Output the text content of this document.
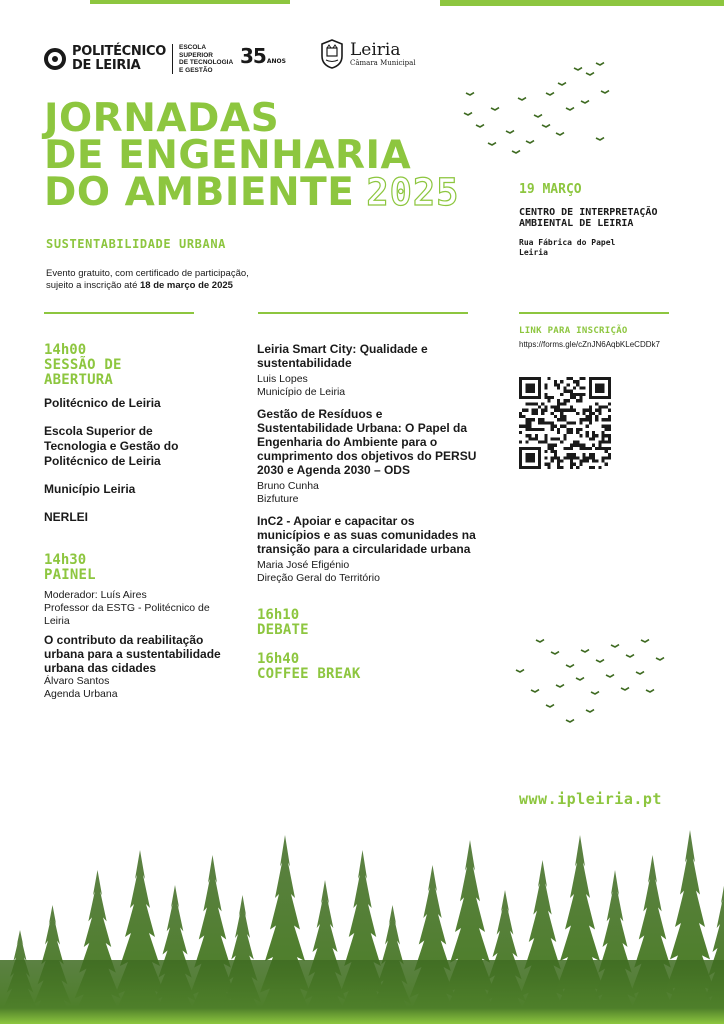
POLITÉCNICO
DE LEIRIA
ESCOLA SUPERIOR
DE TECNOLOGIA
E GESTÃO
35ANOS
Leiria
Câmara Municipal
JORNADAS
DE ENGENHARIA
DO AMBIENTE 2025
SUSTENTABILIDADE URBANA
Evento gratuito, com certificado de participação, sujeito a inscrição até 18 de março de 2025
19 MARÇO
CENTRO DE INTERPRETAÇÃO
AMBIENTAL DE LEIRIA
Rua Fábrica do Papel
Leiria
LINK PARA INSCRIÇÃO
https://forms.gle/cZnJN6AqbKLeCDDk7
14h00
SESSÃO DE
ABERTURA
Politécnico de Leiria
Escola Superior de Tecnologia e Gestão do Politécnico de Leiria
Município Leiria
NERLEI
14h30
PAINEL
Moderador: Luís Aires
Professor da ESTG - Politécnico de Leiria
O contributo da reabilitação urbana para a sustentabilidade urbana das cidades
Álvaro Santos
Agenda Urbana
Leiria Smart City: Qualidade e sustentabilidade
Luis Lopes
Município de Leiria
Gestão de Resíduos e Sustentabilidade Urbana: O Papel da Engenharia do Ambiente para o cumprimento dos objetivos do PERSU 2030 e Agenda 2030 – ODS
Bruno Cunha
Bizfuture
InC2 - Apoiar e capacitar os municípios e as suas comunidades na transição para a circularidade urbana
Maria José Efigénio
Direção Geral do Território
16h10
DEBATE
16h40
COFFEE BREAK
www.ipleiria.pt
